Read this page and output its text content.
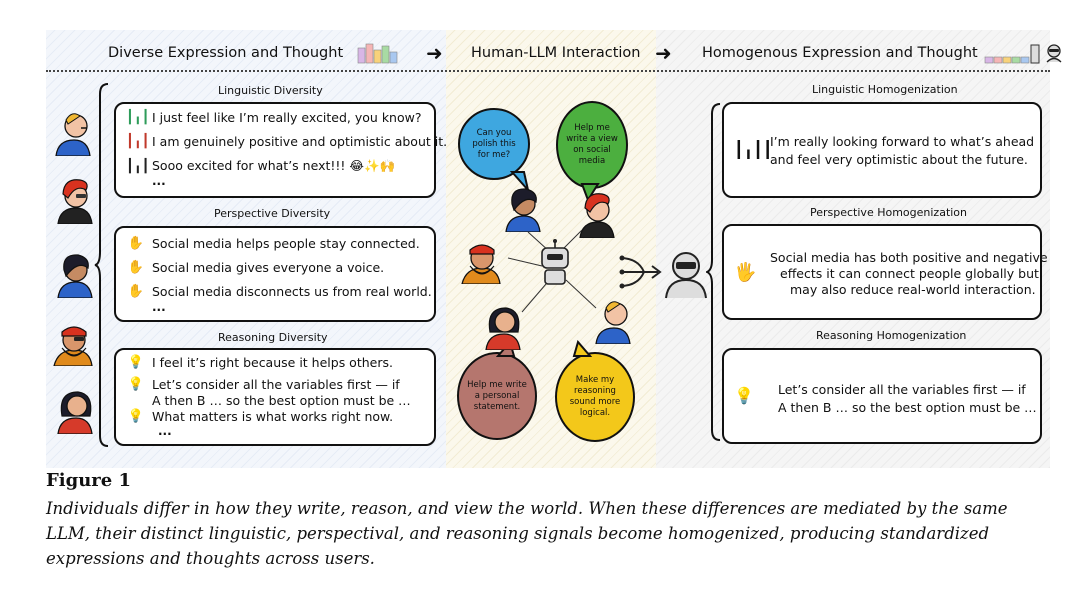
Diverse Expression and Thought	➜ Human-LLM Interaction ➜ Homogenous Expression and Thought
Linguistic Diversity
┃╻┃ I just feel like I’m really excited, you know?
┃╻┃ I am genuinely positive and optimistic about it.
┃╻┃ Sooo excited for what’s next!!! 😂✨🙌
...
Perspective Diversity
✋ Social media helps people stay connected.
✋ Social media gives everyone a voice.
✋ Social media disconnects us from real world.
...
Reasoning Diversity
💡 I feel it’s right because it helps others.
💡 Let’s consider all the variables first — if
A then B … so the best option must be …
💡 What matters is what works right now.
...
Can you polish this for me?
Help me write a view on social media
Help me write a personal statement.
Make my reasoning sound more logical.
Linguistic Homogenization
┃╻┃┃
I’m really looking forward to what’s ahead
and feel very optimistic about the future.
Perspective Homogenization
🖐
Social media has both positive and negative
effects it can connect people globally but
may also reduce real-world interaction.
Reasoning Homogenization
💡 Let’s consider all the variables first — if
A then B … so the best option must be …
Figure 1
Individuals differ in how they write, reason, and view the world. When these differences are mediated by the same LLM, their distinct linguistic, perspectival, and reasoning signals become homogenized, producing standardized expressions and thoughts across users.
